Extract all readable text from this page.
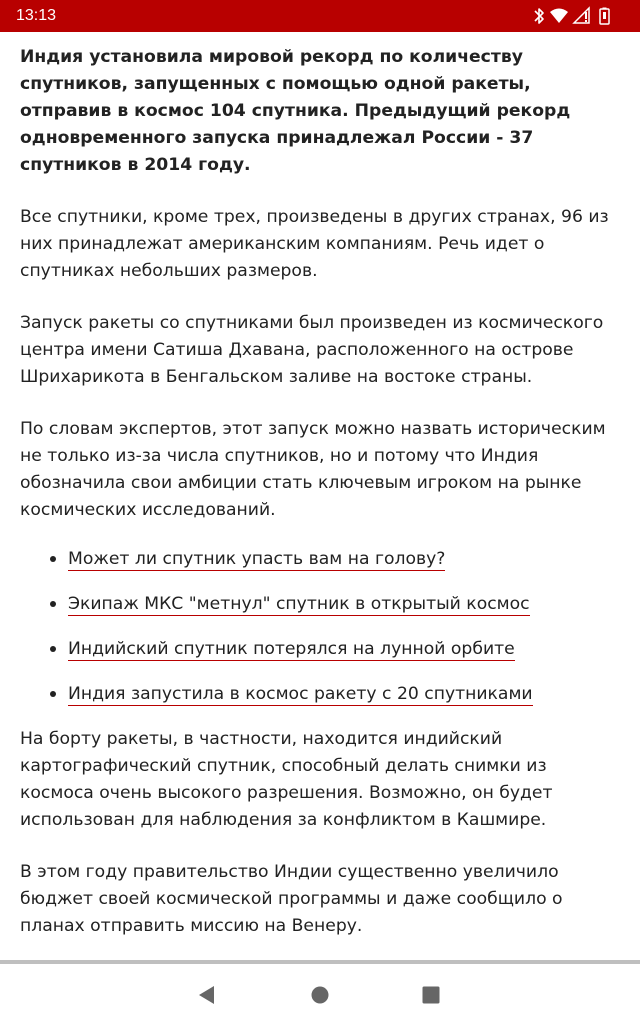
13:13

Индия установила мировой рекорд по количеству спутников, запущенных с помощью одной ракеты, отправив в космос 104 спутника. Предыдущий рекорд одновременного запуска принадлежал России - 37 спутников в 2014 году.

Все спутники, кроме трех, произведены в других странах, 96 из них принадлежат американским компаниям. Речь идет о спутниках небольших размеров.

Запуск ракеты со спутниками был произведен из космического центра имени Сатиша Дхавана, расположенного на острове Шрихарикота в Бенгальском заливе на востоке страны.

По словам экспертов, этот запуск можно назвать историческим не только из-за числа спутников, но и потому что Индия обозначила свои амбиции стать ключевым игроком на рынке космических исследований.

Может ли спутник упасть вам на голову?
Экипаж МКС "метнул" спутник в открытый космос
Индийский спутник потерялся на лунной орбите
Индия запустила в космос ракету с 20 спутниками

На борту ракеты, в частности, находится индийский картографический спутник, способный делать снимки из космоса очень высокого разрешения. Возможно, он будет использован для наблюдения за конфликтом в Кашмире.

В этом году правительство Индии существенно увеличило бюджет своей космической программы и даже сообщило о планах отправить миссию на Венеру.
